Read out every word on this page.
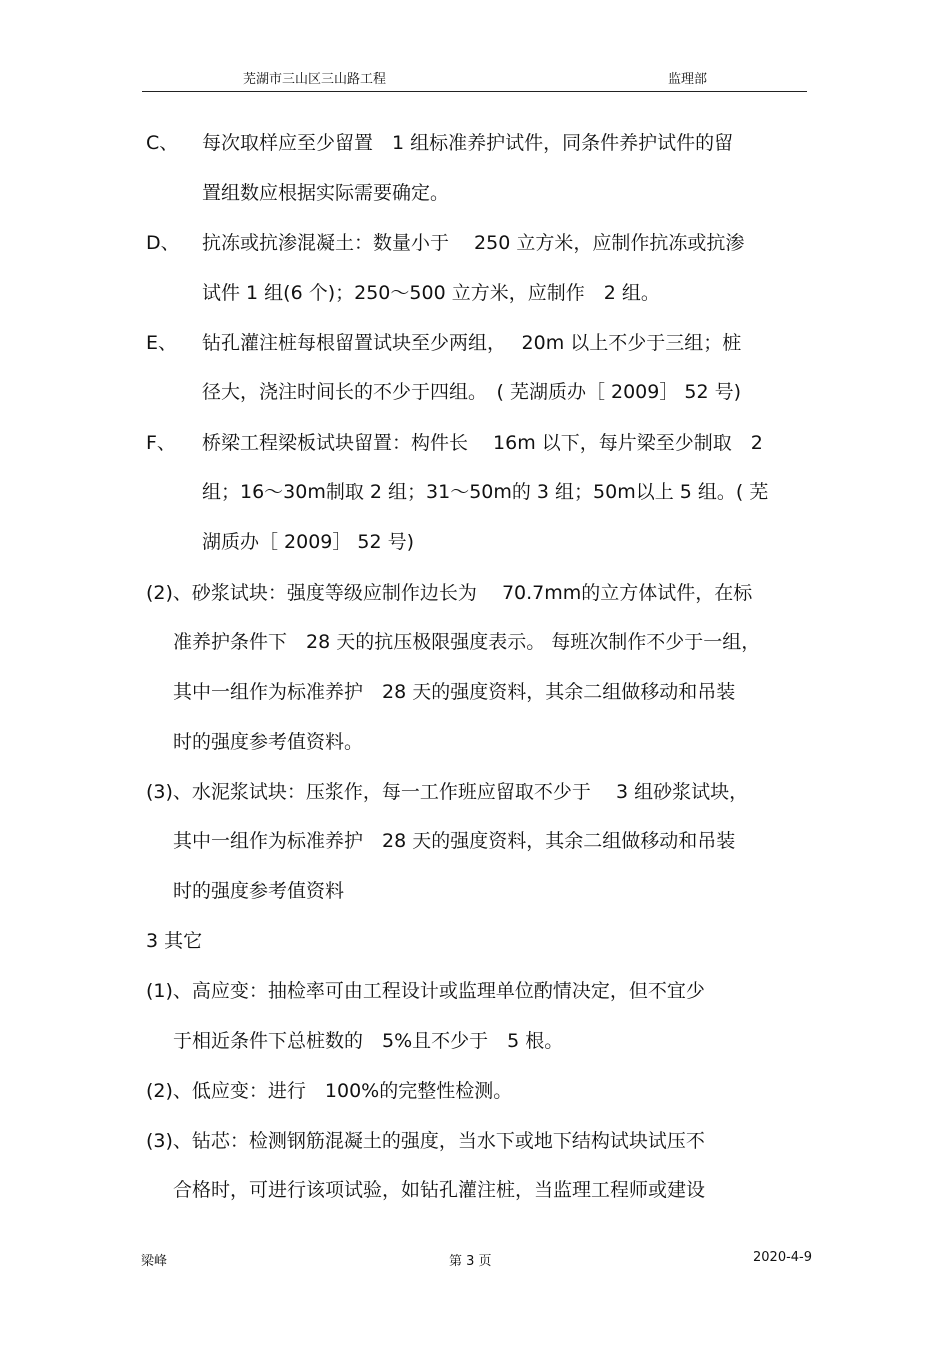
芜湖市三山区三山路工程	监理部
C、 每次取样应至少留置　1 组标准养护试件，同条件养护试件的留
置组数应根据实际需要确定。
D、 抗冻或抗渗混凝土：数量小于　 250 立方米，应制作抗冻或抗渗
试件 1 组(6 个)；250～500 立方米，应制作　2 组。
E、 钻孔灌注桩每根留置试块至少两组，　 20m 以上不少于三组；桩
径大，浇注时间长的不少于四组。　( 芜湖质办［ 2009］ 52 号)
F、 桥梁工程梁板试块留置：构件长　 16m 以下，每片梁至少制取　2
组；16～30m制取 2 组；31～50m的 3 组；50m以上 5 组。( 芜
湖质办［ 2009］ 52 号)
(2)、砂浆试块：强度等级应制作边长为　 70.7mm的立方体试件，在标
准养护条件下　28 天的抗压极限强度表示。 每班次制作不少于一组，
其中一组作为标准养护　28 天的强度资料，其余二组做移动和吊装
时的强度参考值资料。
(3)、水泥浆试块：压浆作，每一工作班应留取不少于　 3 组砂浆试块，
其中一组作为标准养护　28 天的强度资料，其余二组做移动和吊装
时的强度参考值资料
3 其它
(1)、高应变：抽检率可由工程设计或监理单位酌情决定，但不宜少
于相近条件下总桩数的　5%且不少于　5 根。
(2)、低应变：进行　100%的完整性检测。
(3)、钻芯：检测钢筋混凝土的强度，当水下或地下结构试块试压不
合格时，可进行该项试验，如钻孔灌注桩，当监理工程师或建设
梁峰	第 3 页	2020-4-9
